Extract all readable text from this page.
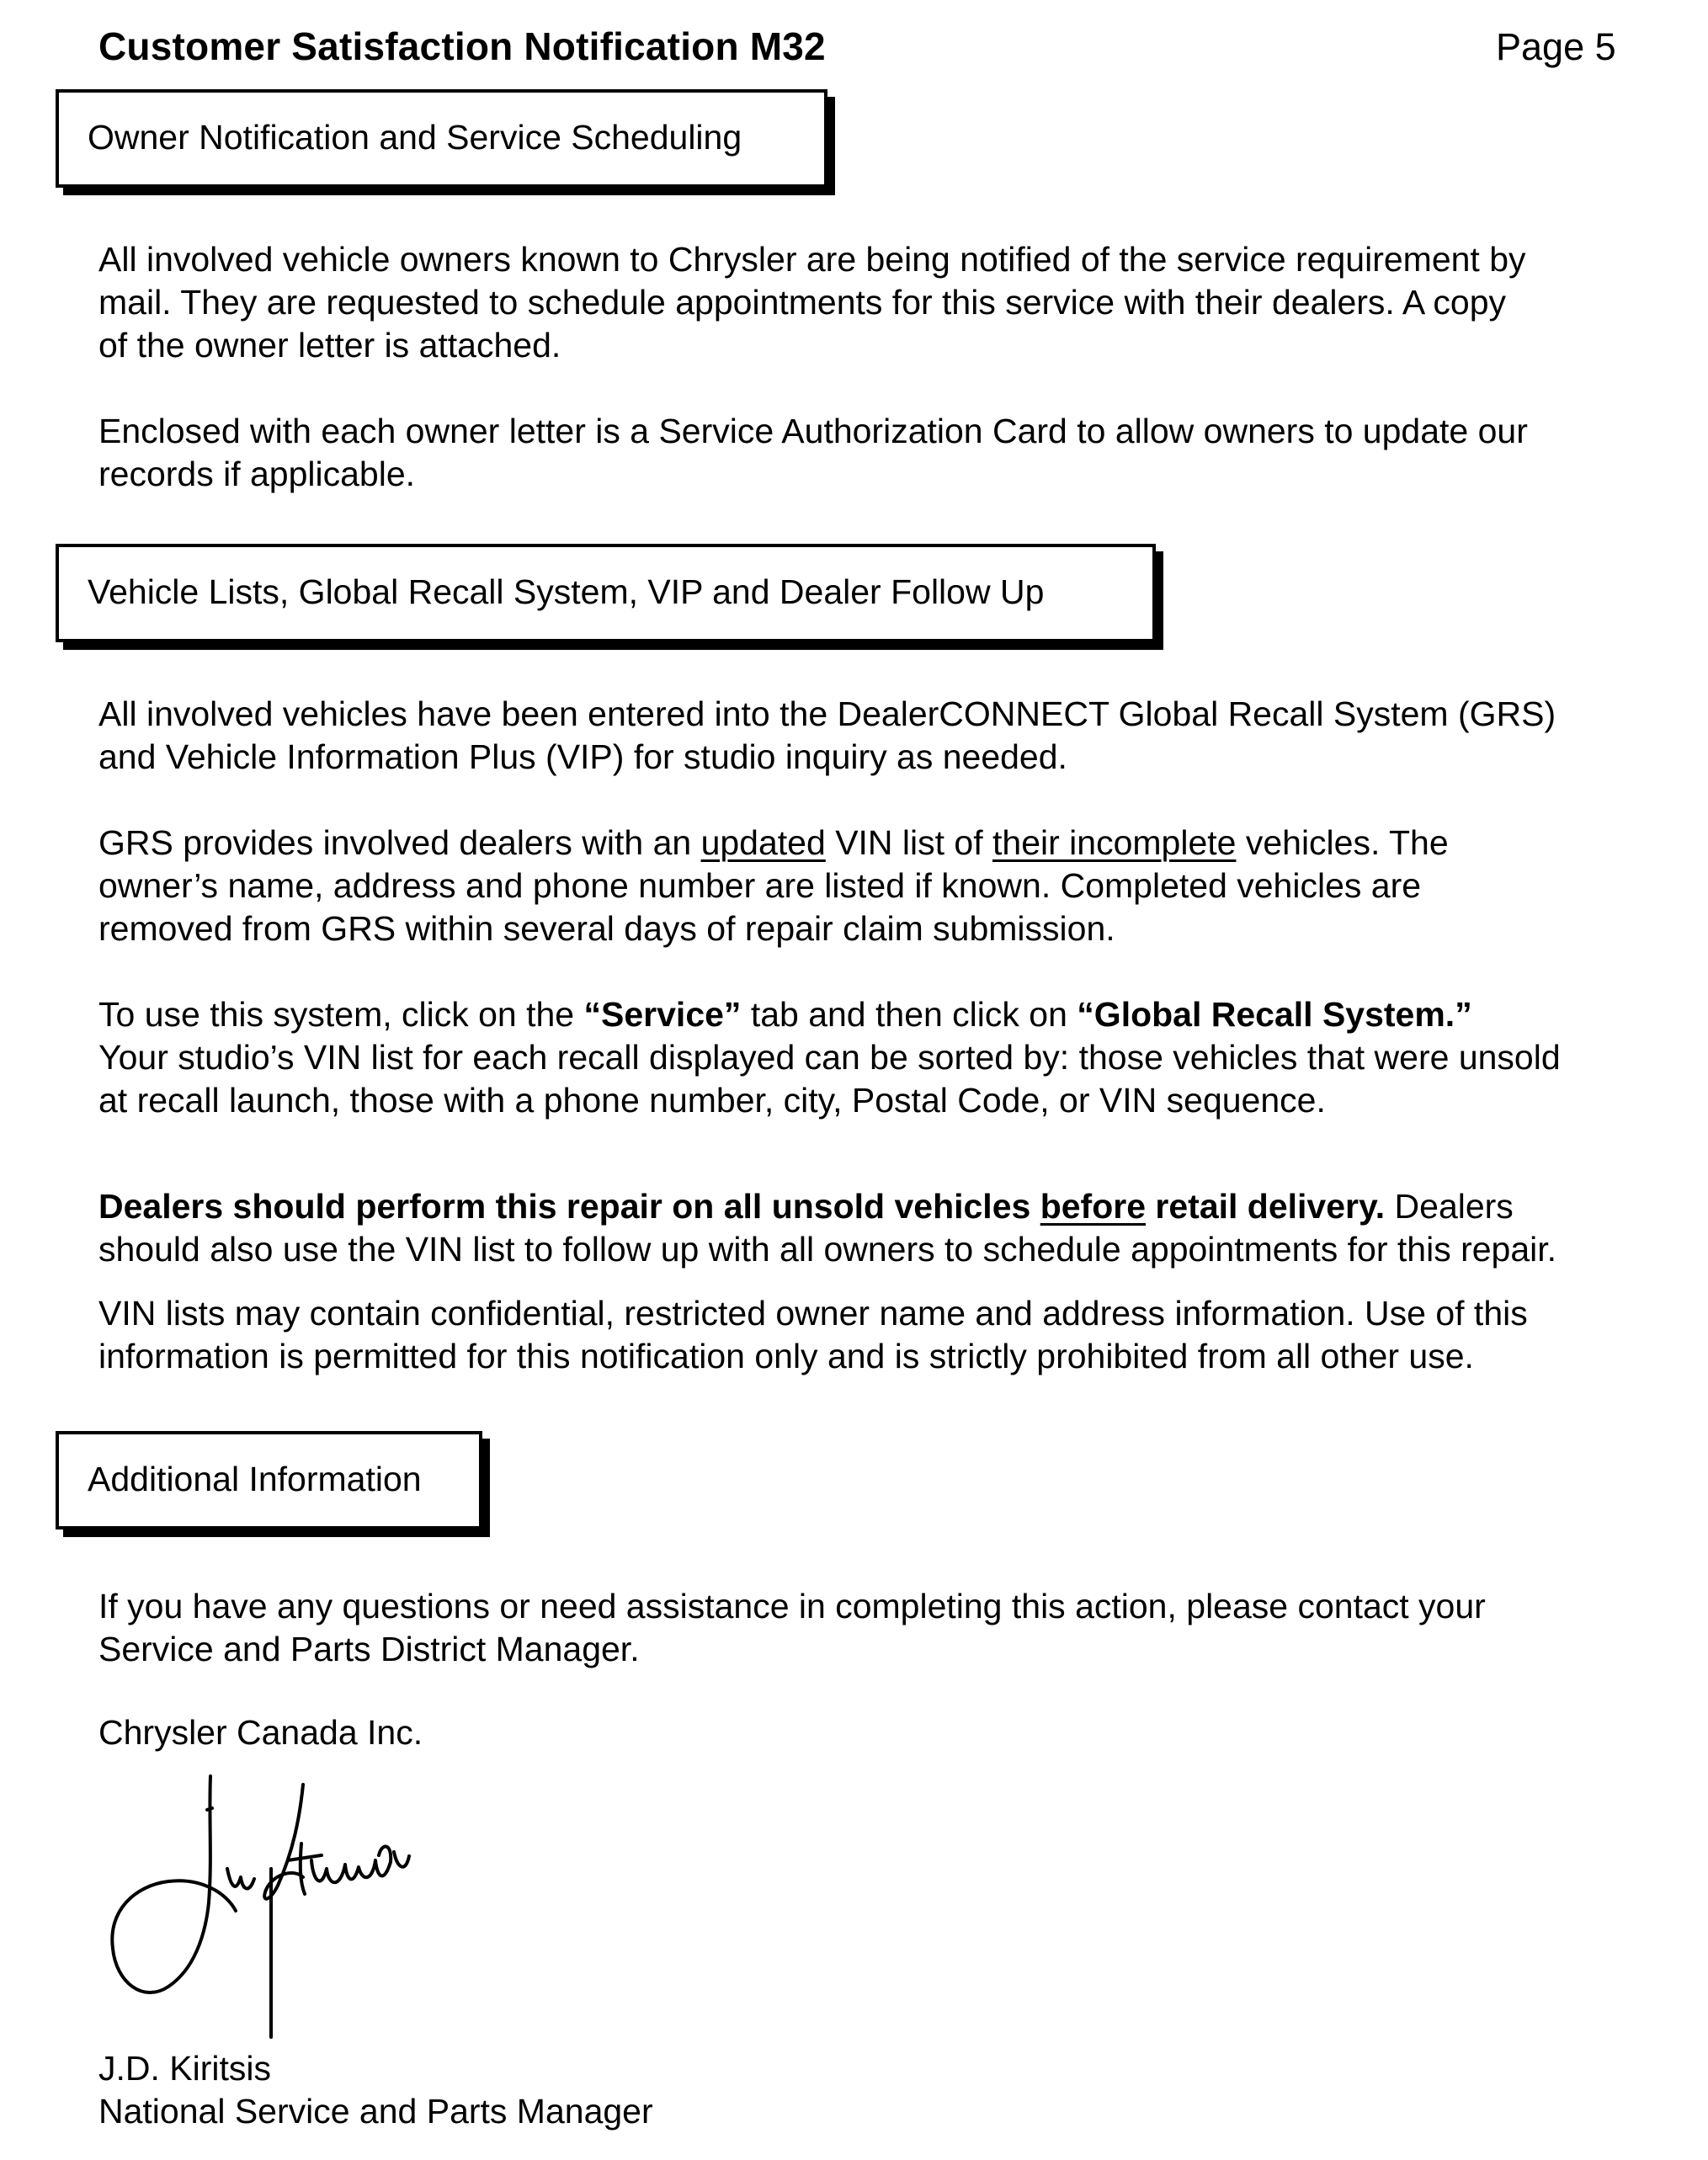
Customer Satisfaction Notification M32	Page 5
Owner Notification and Service Scheduling
All involved vehicle owners known to Chrysler are being notified of the service requirement by
mail. They are requested to schedule appointments for this service with their dealers. A copy
of the owner letter is attached.
Enclosed with each owner letter is a Service Authorization Card to allow owners to update our
records if applicable.
Vehicle Lists, Global Recall System, VIP and Dealer Follow Up
All involved vehicles have been entered into the DealerCONNECT Global Recall System (GRS)
and Vehicle Information Plus (VIP) for studio inquiry as needed.
GRS provides involved dealers with an updated VIN list of their incomplete vehicles. The
owner’s name, address and phone number are listed if known. Completed vehicles are
removed from GRS within several days of repair claim submission.
To use this system, click on the “Service” tab and then click on “Global Recall System.”
Your studio’s VIN list for each recall displayed can be sorted by: those vehicles that were unsold
at recall launch, those with a phone number, city, Postal Code, or VIN sequence.
Dealers should perform this repair on all unsold vehicles before retail delivery. Dealers
should also use the VIN list to follow up with all owners to schedule appointments for this repair.
VIN lists may contain confidential, restricted owner name and address information. Use of this
information is permitted for this notification only and is strictly prohibited from all other use.
Additional Information
If you have any questions or need assistance in completing this action, please contact your
Service and Parts District Manager.
Chrysler Canada Inc.
J.D. Kiritsis
National Service and Parts Manager
